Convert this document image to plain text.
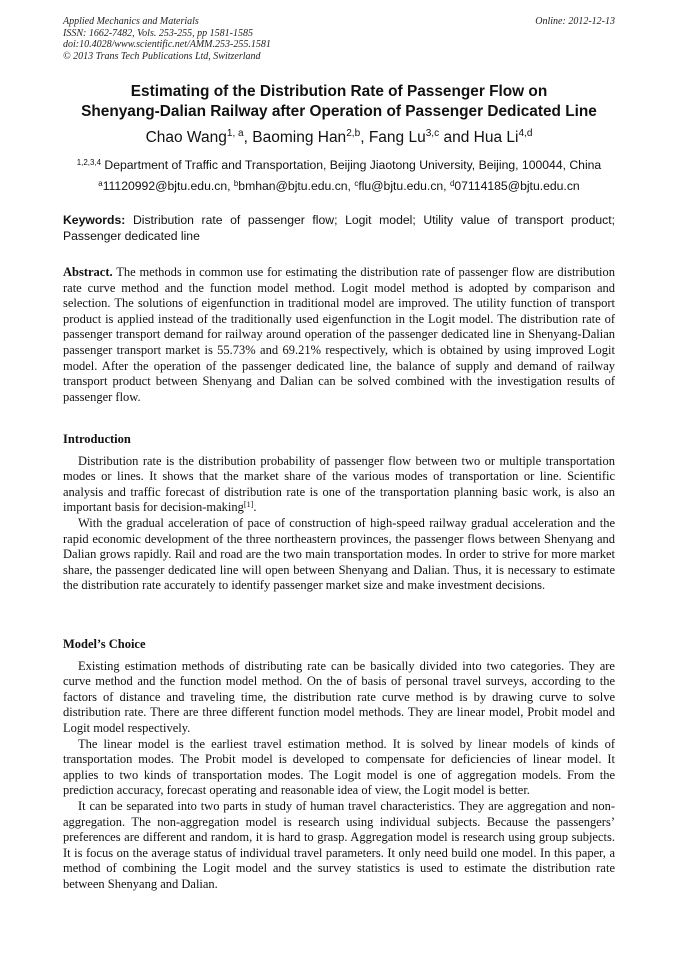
Applied Mechanics and Materials
ISSN: 1662-7482, Vols. 253-255, pp 1581-1585
doi:10.4028/www.scientific.net/AMM.253-255.1581
© 2013 Trans Tech Publications Ltd, Switzerland
Online: 2012-12-13
Estimating of the Distribution Rate of Passenger Flow on
Shenyang-Dalian Railway after Operation of Passenger Dedicated Line
Chao Wang$^{1, a}$, Baoming Han$^{2,b}$, Fang Lu$^{3,c}$ and Hua Li$^{4,d}$
$^{1,2,3,4}$ Department of Traffic and Transportation, Beijing Jiaotong University, Beijing, 100044, China
$^a$11120992@bjtu.edu.cn, $^b$bmhan@bjtu.edu.cn, $^c$flu@bjtu.edu.cn, $^d$07114185@bjtu.edu.cn
Keywords: Distribution rate of passenger flow; Logit model; Utility value of transport product; Passenger dedicated line
Abstract. The methods in common use for estimating the distribution rate of passenger flow are distribution rate curve method and the function model method. Logit model method is adopted by comparison and selection. The solutions of eigenfunction in traditional model are improved. The utility function of transport product is applied instead of the traditionally used eigenfunction in the Logit model. The distribution rate of passenger transport demand for railway around operation of the passenger dedicated line in Shenyang-Dalian passenger transport market is 55.73% and 69.21% respectively, which is obtained by using improved Logit model. After the operation of the passenger dedicated line, the balance of supply and demand of railway transport product between Shenyang and Dalian can be solved combined with the investigation results of passenger flow.
Introduction

Distribution rate is the distribution probability of passenger flow between two or multiple transportation modes or lines. It shows that the market share of the various modes of transportation or line. Scientific analysis and traffic forecast of distribution rate is one of the transportation planning basic work, is also an important basis for decision-making[1].

With the gradual acceleration of pace of construction of high-speed railway gradual acceleration and the rapid economic development of the three northeastern provinces, the passenger flows between Shenyang and Dalian grows rapidly. Rail and road are the two main transportation modes. In order to strive for more market share, the passenger dedicated line will open between Shenyang and Dalian. Thus, it is necessary to estimate the distribution rate accurately to identify passenger market size and make investment decisions.

Model’s Choice

Existing estimation methods of distributing rate can be basically divided into two categories. They are curve method and the function model method. On the of basis of personal travel surveys, according to the factors of distance and traveling time, the distribution rate curve method is by drawing curve to solve distribution rate. There are three different function model methods. They are linear model, Probit model and Logit model respectively.

The linear model is the earliest travel estimation method. It is solved by linear models of kinds of transportation modes. The Probit model is developed to compensate for deficiencies of linear model. It applies to two kinds of transportation modes. The Logit model is one of aggregation models. From the prediction accuracy, forecast operating and reasonable idea of view, the Logit model is better.

It can be separated into two parts in study of human travel characteristics. They are aggregation and non-aggregation. The non-aggregation model is research using individual subjects. Because the passengers’ preferences are different and random, it is hard to grasp. Aggregation model is research using group subjects. It is focus on the average status of individual travel parameters. It only need build one model. In this paper, a method of combining the Logit model and the survey statistics is used to estimate the distribution rate between Shenyang and Dalian.
